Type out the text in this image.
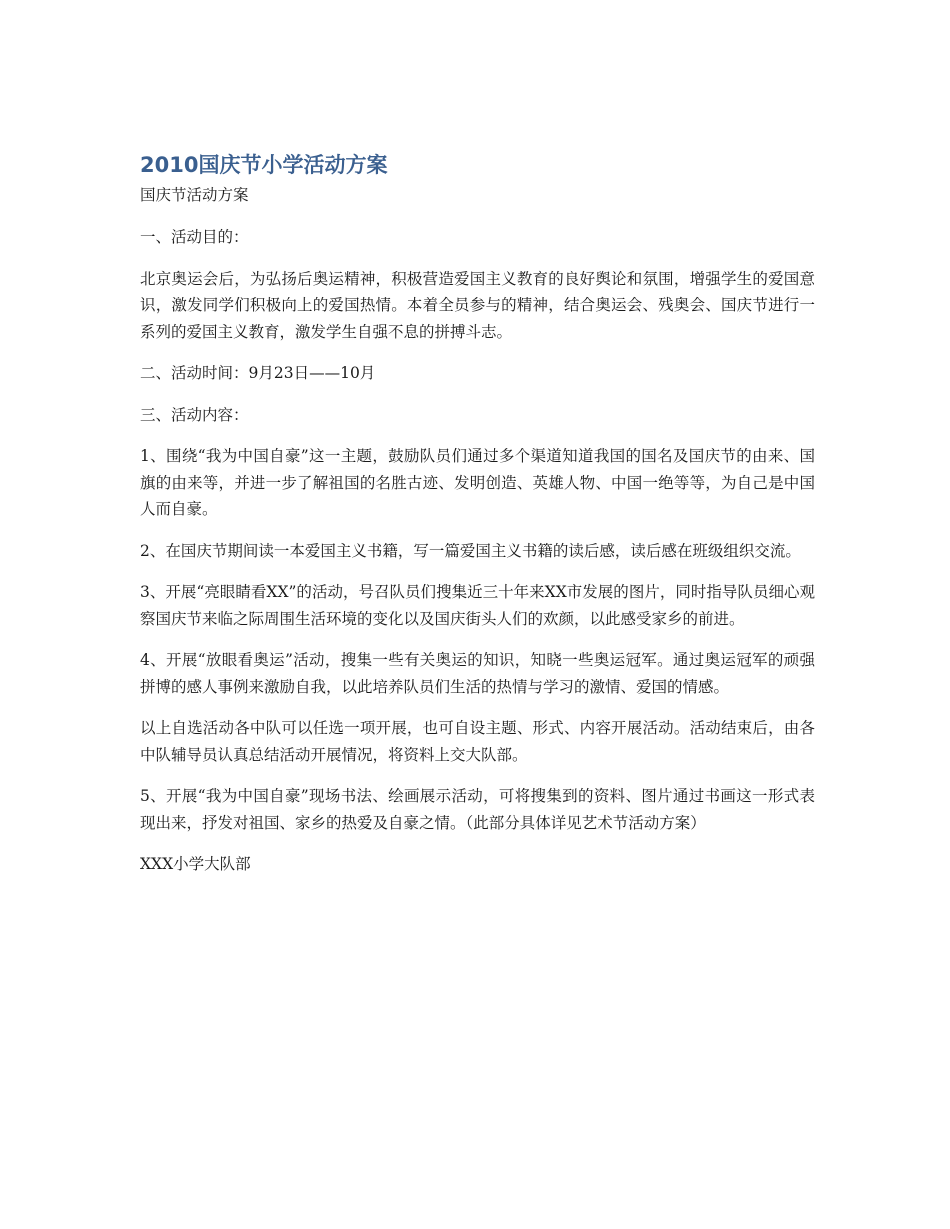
2010国庆节小学活动方案

国庆节活动方案

一、活动目的：

北京奥运会后，为弘扬后奥运精神，积极营造爱国主义教育的良好舆论和氛围，增强学生的爱国意识，激发同学们积极向上的爱国热情。本着全员参与的精神，结合奥运会、残奥会、国庆节进行一系列的爱国主义教育，激发学生自强不息的拼搏斗志。

二、活动时间：9月23日——10月

三、活动内容：

1、围绕“我为中国自豪”这一主题，鼓励队员们通过多个渠道知道我国的国名及国庆节的由来、国旗的由来等，并进一步了解祖国的名胜古迹、发明创造、英雄人物、中国一绝等等，为自己是中国人而自豪。

2、在国庆节期间读一本爱国主义书籍，写一篇爱国主义书籍的读后感，读后感在班级组织交流。

3、开展“亮眼睛看XX”的活动，号召队员们搜集近三十年来XX市发展的图片，同时指导队员细心观察国庆节来临之际周围生活环境的变化以及国庆街头人们的欢颜，以此感受家乡的前进。

4、开展“放眼看奥运”活动，搜集一些有关奥运的知识，知晓一些奥运冠军。通过奥运冠军的顽强拼博的感人事例来激励自我，以此培养队员们生活的热情与学习的激情、爱国的情感。

以上自选活动各中队可以任选一项开展，也可自设主题、形式、内容开展活动。活动结束后，由各中队辅导员认真总结活动开展情况，将资料上交大队部。

5、开展“我为中国自豪”现场书法、绘画展示活动，可将搜集到的资料、图片通过书画这一形式表现出来，抒发对祖国、家乡的热爱及自豪之情。（此部分具体详见艺术节活动方案）

XXX小学大队部
